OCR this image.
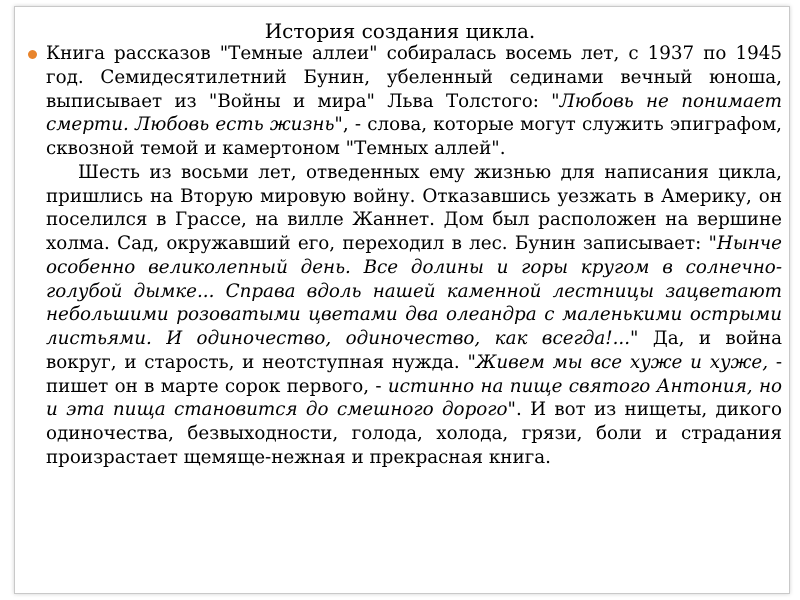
История создания цикла.

Книга рассказов "Темные аллеи" собиралась восемь лет, с 1937 по 1945 год. Семидесятилетний Бунин, убеленный сединами вечный юноша, выписывает из "Войны и мира" Льва Толстого: "Любовь не понимает смерти. Любовь есть жизнь", - слова, которые могут служить эпиграфом, сквозной темой и камертоном "Темных аллей".

Шесть из восьми лет, отведенных ему жизнью для написания цикла, пришлись на Вторую мировую войну. Отказавшись уезжать в Америку, он поселился в Грассе, на вилле Жаннет. Дом был расположен на вершине холма. Сад, окружавший его, переходил в лес. Бунин записывает: "Нынче особенно великолепный день. Все долины и горы кругом в солнечно-голубой дымке... Справа вдоль нашей каменной лестницы зацветают небольшими розоватыми цветами два олеандра с маленькими острыми листьями. И одиночество, одиночество, как всегда!..." Да, и война вокруг, и старость, и неотступная нужда. "Живем мы все хуже и хуже, - пишет он в марте сорок первого, - истинно на пище святого Антония, но и эта пища становится до смешного дорого". И вот из нищеты, дикого одиночества, безвыходности, голода, холода, грязи, боли и страдания произрастает щемяще-нежная и прекрасная книга.
